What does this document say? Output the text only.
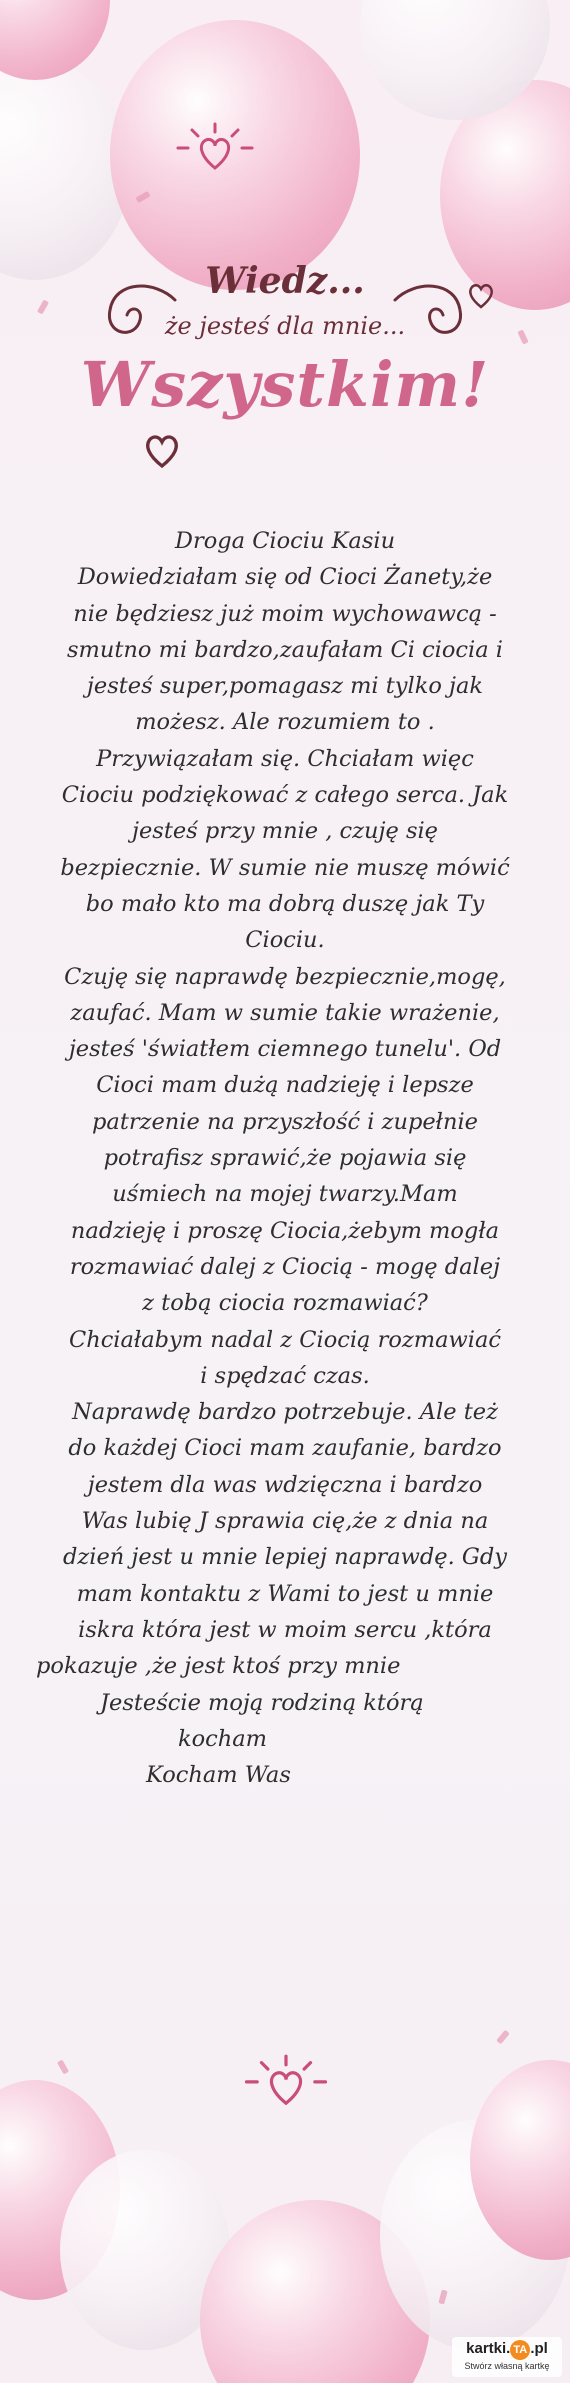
Wiedz...
że jesteś dla mnie...
Wszystkim!
Droga Ciociu Kasiu
Dowiedziałam się od Cioci Żanety,że
nie będziesz już moim wychowawcą -
smutno mi bardzo,zaufałam Ci ciocia i
jesteś super,pomagasz mi tylko jak
możesz. Ale rozumiem to .
Przywiązałam się. Chciałam więc
Ciociu podziękować z całego serca. Jak
jesteś przy mnie , czuję się
bezpiecznie. W sumie nie muszę mówić
bo mało kto ma dobrą duszę jak Ty
Ciociu.
Czuję się naprawdę bezpiecznie,mogę,
zaufać. Mam w sumie takie wrażenie,
jesteś 'światłem ciemnego tunelu'. Od
Cioci mam dużą nadzieję i lepsze
patrzenie na przyszłość i zupełnie
potrafisz sprawić,że pojawia się
uśmiech na mojej twarzy.Mam
nadzieję i proszę Ciocia,żebym mogła
rozmawiać dalej z Ciocią - mogę dalej
z tobą ciocia rozmawiać?
Chciałabym nadal z Ciocią rozmawiać
i spędzać czas.
Naprawdę bardzo potrzebuje. Ale też
do każdej Cioci mam zaufanie, bardzo
jestem dla was wdzięczna i bardzo
Was lubię J sprawia cię,że z dnia na
dzień jest u mnie lepiej naprawdę. Gdy
mam kontaktu z Wami to jest u mnie
iskra która jest w moim sercu ,która
pokazuje ,że jest ktoś przy mnie
Jesteście moją rodziną którą
kocham
Kocham Was
kartki. TA .pl
Stwórz własną kartkę
